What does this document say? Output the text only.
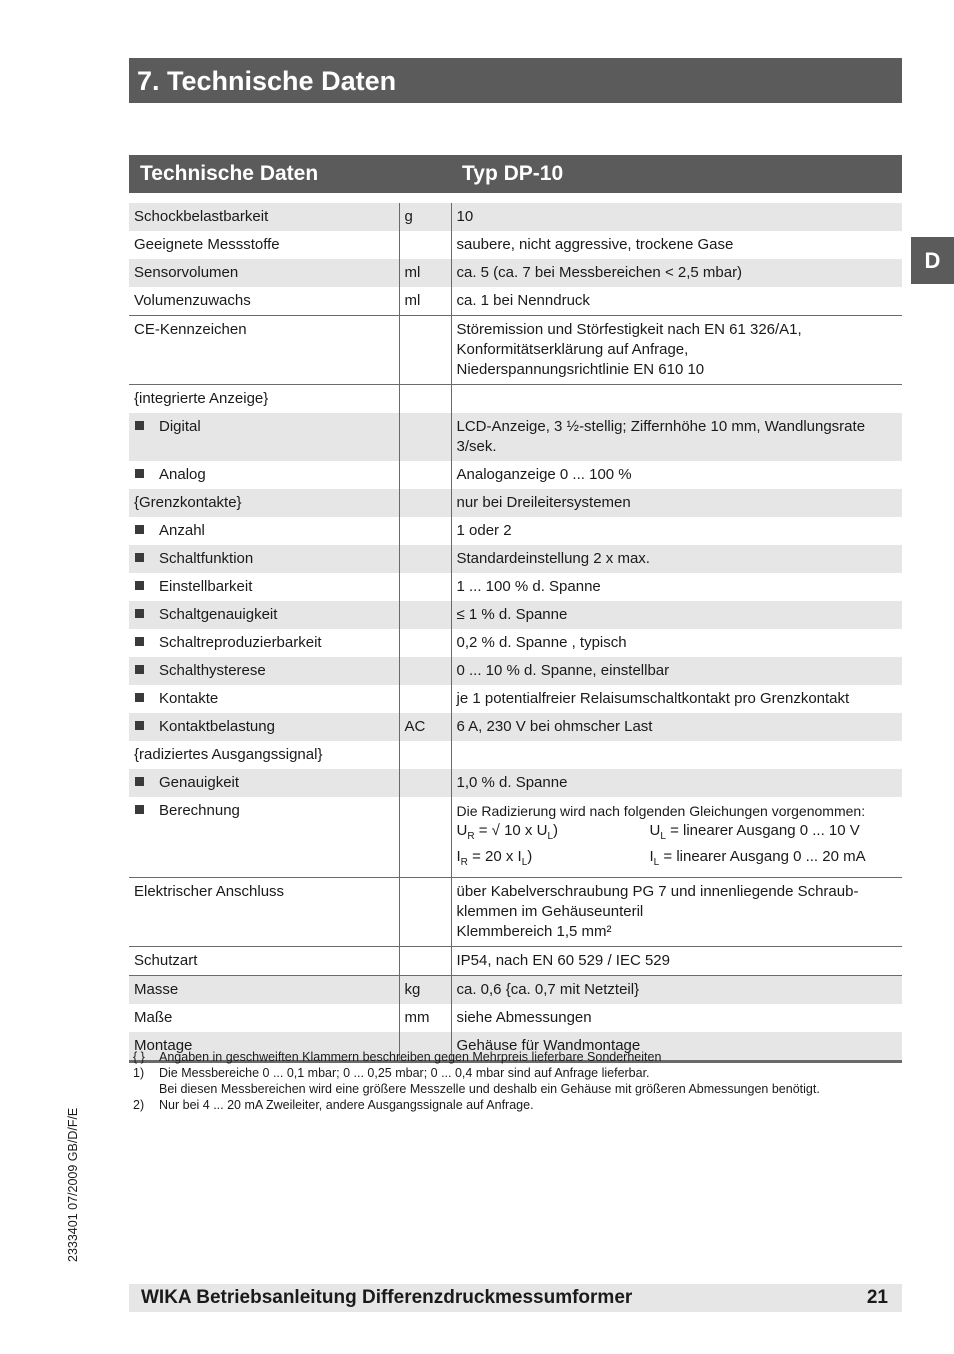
7. Technische Daten
D
Technische Daten	Typ DP-10
Schockbelastbarkeit	g	10
Geeignete Messstoffe		saubere, nicht aggressive, trockene Gase
Sensorvolumen	ml	ca. 5 (ca. 7 bei Messbereichen < 2,5 mbar)
Volumenzuwachs	ml	ca. 1 bei Nenndruck
CE-Kennzeichen		Störemission und Störfestigkeit nach EN 61 326/A1,
Konformitätserklärung auf Anfrage,
Niederspannungsrichtlinie EN 610 10

{integrierte Anzeige}		
Digital		LCD-Anzeige, 3 ½-stellig; Ziffernhöhe 10 mm, Wandlungsrate 3/sek.
Analog		Analoganzeige 0 ... 100 %
{Grenzkontakte}		nur bei Dreileitersystemen
Anzahl		1 oder 2
Schaltfunktion		Standardeinstellung 2 x max.
Einstellbarkeit		1 ... 100 % d. Spanne
Schaltgenauigkeit		≤ 1 % d. Spanne
Schaltreproduzierbarkeit		0,2 % d. Spanne , typisch
Schalthysterese		0 ... 10 % d. Spanne, einstellbar
Kontakte		je 1 potentialfreier Relaisumschaltkontakt pro Grenzkontakt
Kontaktbelastung	AC	6 A, 230 V bei ohmscher Last
{radiziertes Ausgangssignal}		
Genauigkeit		1,0 % d. Spanne
Berechnung		Die Radizierung wird nach folgenden Gleichungen vorgenommen:
$U_R$ = √ 10 x $U_L$) $U_L$ = linearer Ausgang 0 ... 10 V
$I_R = 20$ x $I_L$) $I_L$ = linearer Ausgang 0 ... 20 mA

Elektrischer Anschluss		über Kabelverschraubung PG 7 und innenliegende Schraub-
klemmen im Gehäuseunteril
Klemmbereich 1,5 mm²

Schutzart		IP54, nach EN 60 529 / IEC 529
Masse	kg	ca. 0,6 {ca. 0,7 mit Netzteil}
Maße	mm	siehe Abmessungen
Montage		Gehäuse für Wandmontage
{ }	Angaben in geschweiften Klammern beschreiben gegen Mehrpreis lieferbare Sonderheiten
1)	Die Messbereiche 0 ... 0,1 mbar; 0 ... 0,25 mbar; 0 ... 0,4 mbar sind auf Anfrage lieferbar.
Bei diesen Messbereichen wird eine größere Messzelle und deshalb ein Gehäuse mit größeren Abmessungen benötigt.
2)	Nur bei 4 ... 20 mA Zweileiter, andere Ausgangssignale auf Anfrage.
2333401 07/2009 GB/D/F/E
WIKA Betriebsanleitung Differenzdruckmessumformer	21
